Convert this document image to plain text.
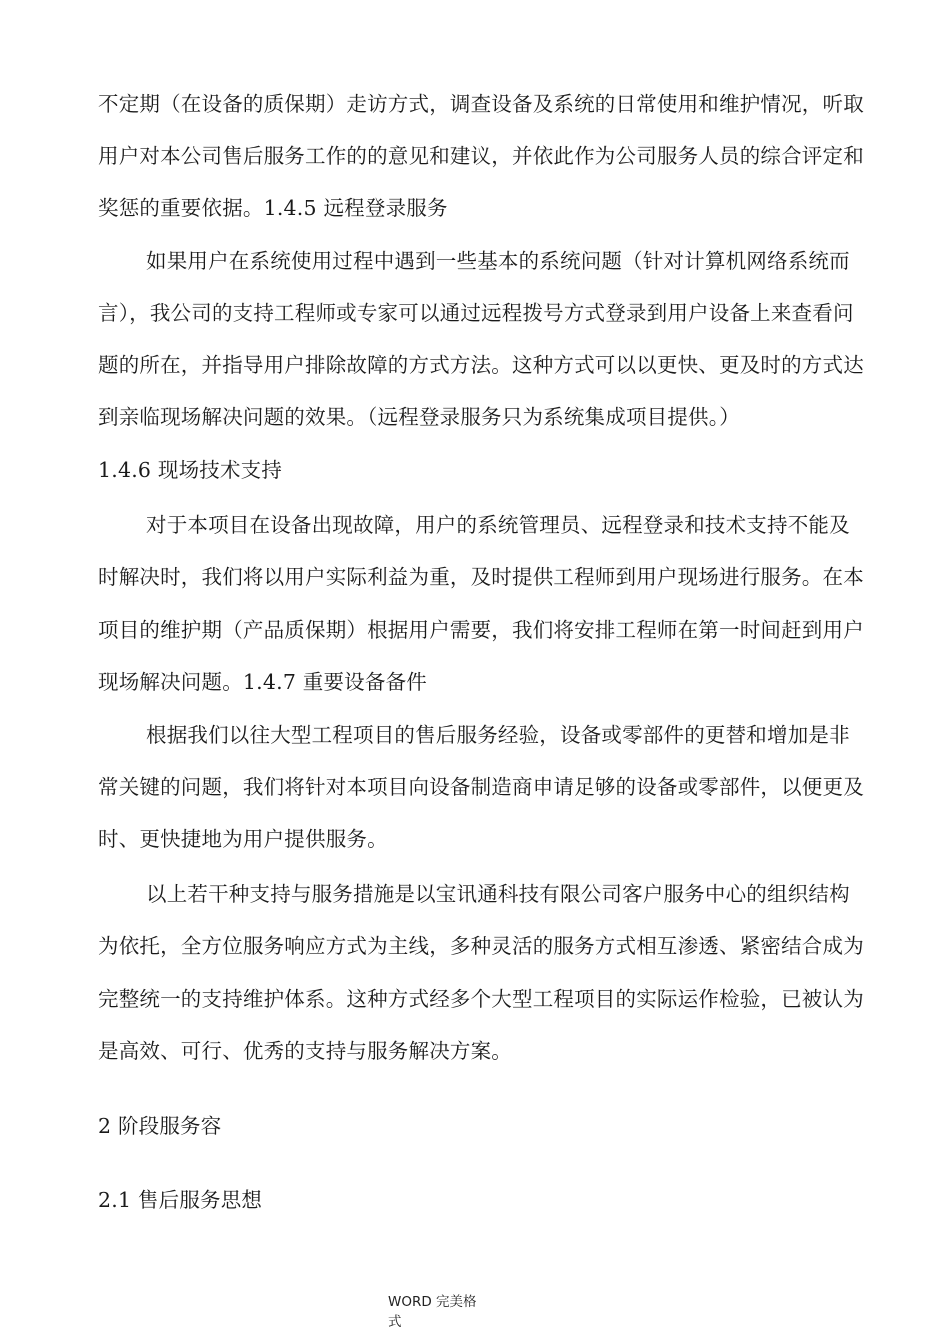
不定期（在设备的质保期）走访方式，调查设备及系统的日常使用和维护情况，听取
用户对本公司售后服务工作的的意见和建议，并依此作为公司服务人员的综合评定和
奖惩的重要依据。1.4.5 远程登录服务
如果用户在系统使用过程中遇到一些基本的系统问题（针对计算机网络系统而
言），我公司的支持工程师或专家可以通过远程拨号方式登录到用户设备上来查看问
题的所在，并指导用户排除故障的方式方法。这种方式可以以更快、更及时的方式达
到亲临现场解决问题的效果。（远程登录服务只为系统集成项目提供。）
1.4.6 现场技术支持
对于本项目在设备出现故障，用户的系统管理员、远程登录和技术支持不能及
时解决时，我们将以用户实际利益为重，及时提供工程师到用户现场进行服务。在本
项目的维护期（产品质保期）根据用户需要，我们将安排工程师在第一时间赶到用户
现场解决问题。1.4.7 重要设备备件
根据我们以往大型工程项目的售后服务经验，设备或零部件的更替和增加是非
常关键的问题，我们将针对本项目向设备制造商申请足够的设备或零部件，以便更及
时、更快捷地为用户提供服务。
以上若干种支持与服务措施是以宝讯通科技有限公司客户服务中心的组织结构
为依托，全方位服务响应方式为主线，多种灵活的服务方式相互渗透、紧密结合成为
完整统一的支持维护体系。这种方式经多个大型工程项目的实际运作检验，已被认为
是高效、可行、优秀的支持与服务解决方案。
2 阶段服务容
2.1 售后服务思想
WORD 完美格式
